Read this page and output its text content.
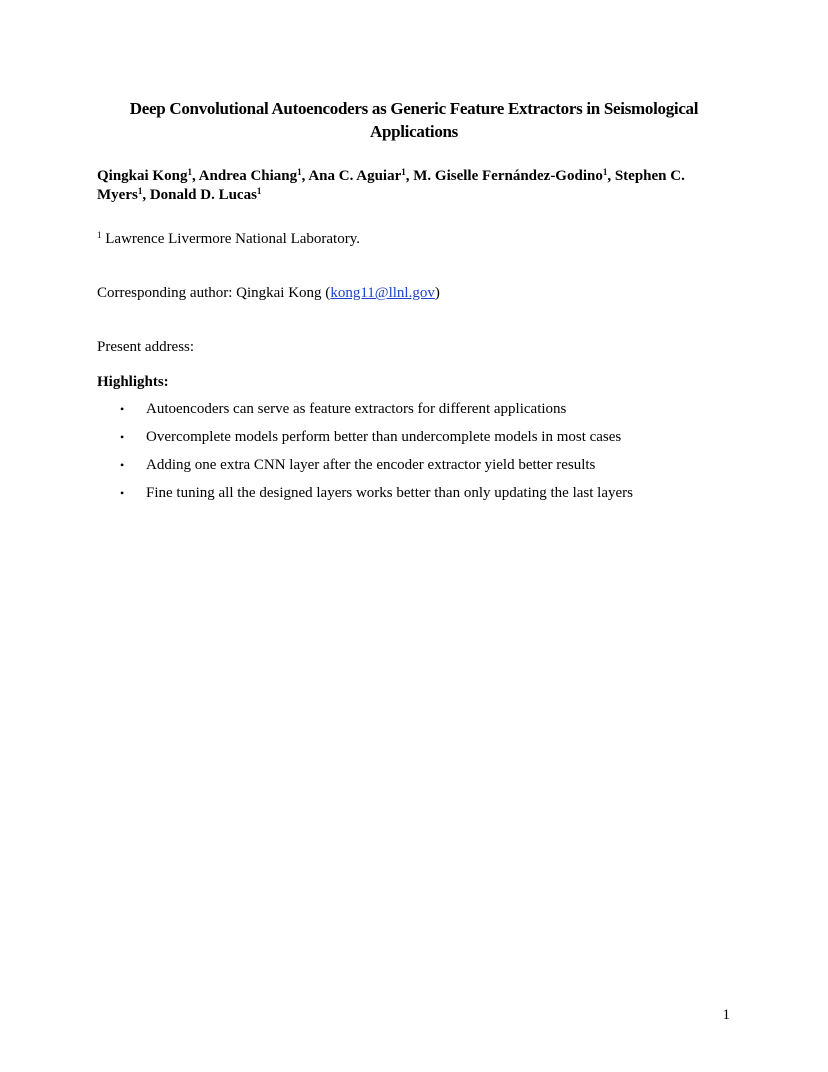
Deep Convolutional Autoencoders as Generic Feature Extractors in Seismological Applications
Qingkai Kong$^1$, Andrea Chiang$^1$, Ana C. Aguiar$^1$, M. Giselle Fernández-Godino$^1$, Stephen C. Myers$^1$, Donald D. Lucas$^1$
$^1$ Lawrence Livermore National Laboratory.
Corresponding author: Qingkai Kong (kong11@llnl.gov)
Present address:
Highlights:
• Autoencoders can serve as feature extractors for different applications
• Overcomplete models perform better than undercomplete models in most cases
• Adding one extra CNN layer after the encoder extractor yield better results
• Fine tuning all the designed layers works better than only updating the last layers
1
